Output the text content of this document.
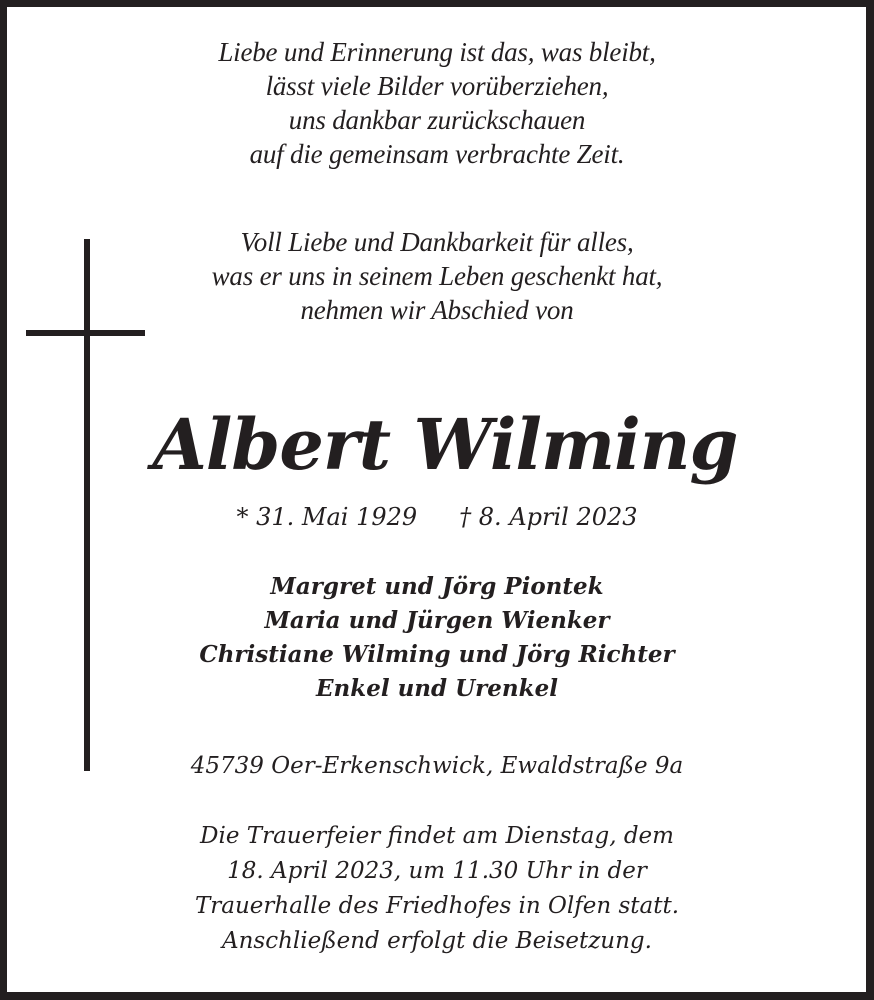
Liebe und Erinnerung ist das, was bleibt,
lässt viele Bilder vorüberziehen,
uns dankbar zurückschauen
auf die gemeinsam verbrachte Zeit.
Voll Liebe und Dankbarkeit für alles,
was er uns in seinem Leben geschenkt hat,
nehmen wir Abschied von
Albert Wilming
* 31. Mai 1929 † 8. April 2023
Margret und Jörg Piontek
Maria und Jürgen Wienker
Christiane Wilming und Jörg Richter
Enkel und Urenkel
45739 Oer-Erkenschwick, Ewaldstraße 9a
Die Trauerfeier findet am Dienstag, dem
18. April 2023, um 11.30 Uhr in der
Trauerhalle des Friedhofes in Olfen statt.
Anschließend erfolgt die Beisetzung.
